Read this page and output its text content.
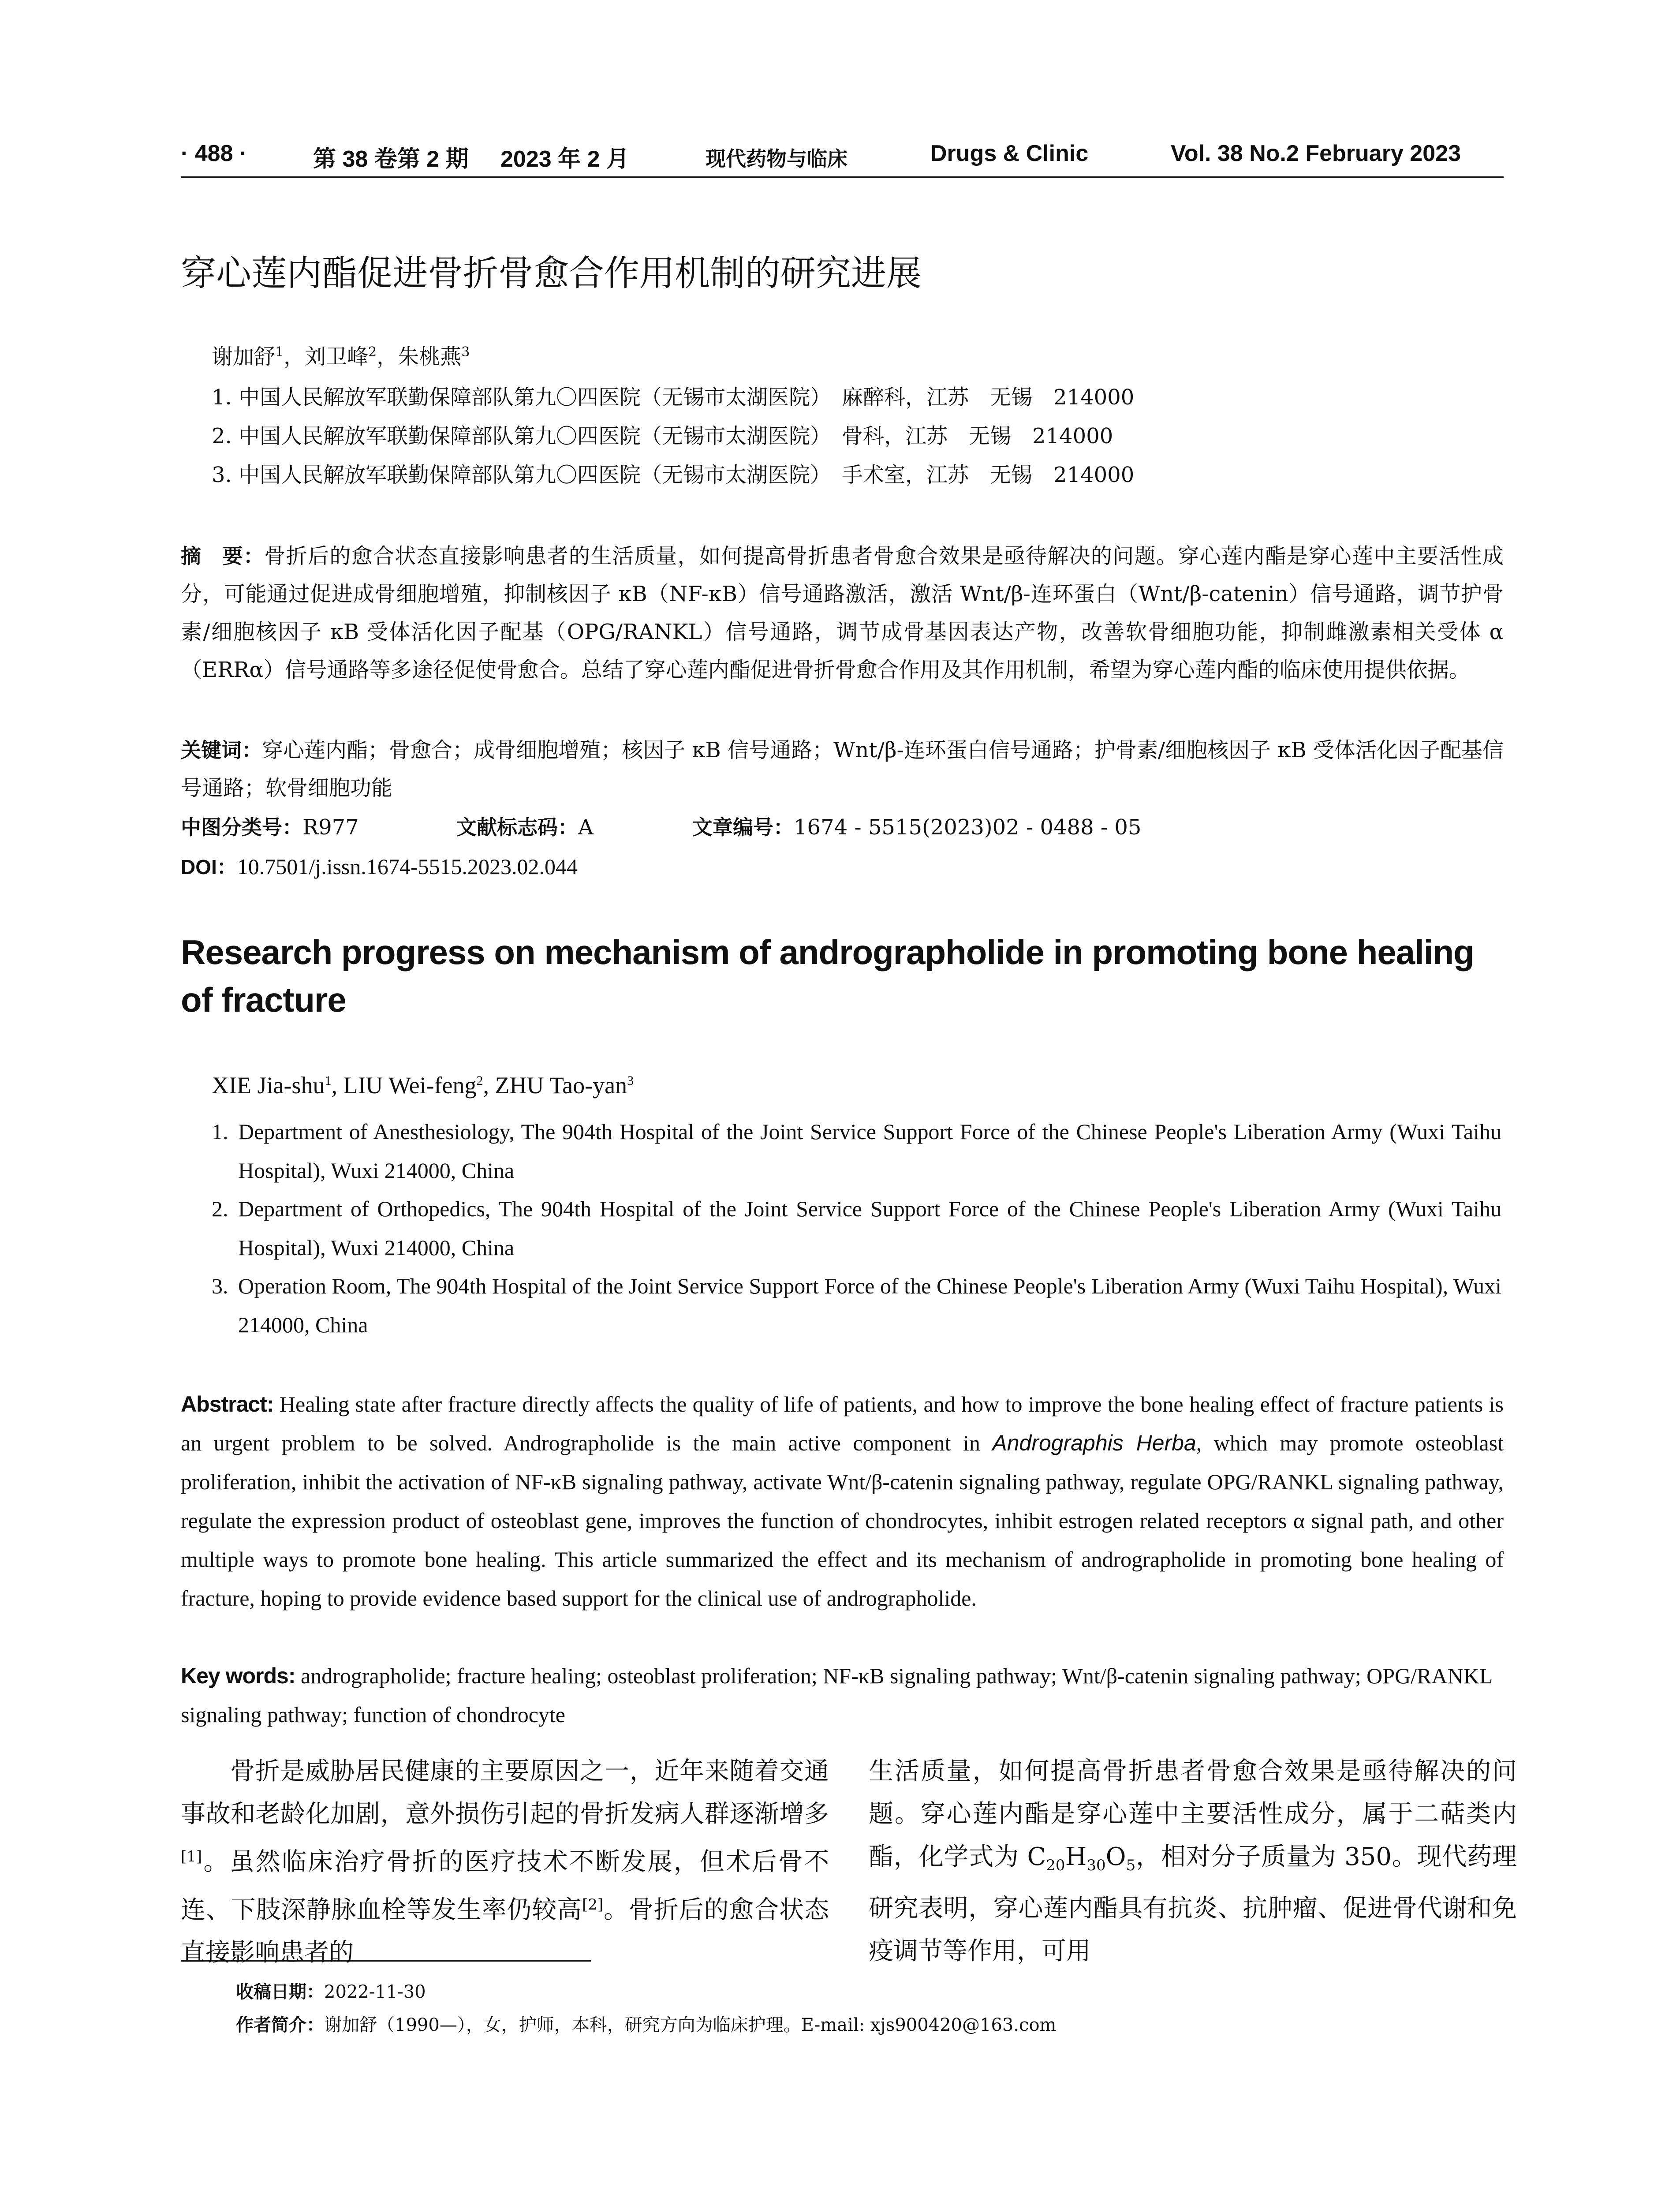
· 488 ·	第 38 卷第 2 期 2023 年 2 月	现代药物与临床	Drugs & Clinic	Vol. 38 No.2 February 2023
穿心莲内酯促进骨折骨愈合作用机制的研究进展
谢加舒$^1$，刘卫峰$^2$，朱桃燕$^3$
1. 中国人民解放军联勤保障部队第九〇四医院（无锡市太湖医院）　麻醉科，江苏　无锡　214000
2. 中国人民解放军联勤保障部队第九〇四医院（无锡市太湖医院）　骨科，江苏　无锡　214000
3. 中国人民解放军联勤保障部队第九〇四医院（无锡市太湖医院）　手术室，江苏　无锡　214000
摘　要：骨折后的愈合状态直接影响患者的生活质量，如何提高骨折患者骨愈合效果是亟待解决的问题。穿心莲内酯是穿心莲中主要活性成分，可能通过促进成骨细胞增殖，抑制核因子 κB（NF-κB）信号通路激活，激活 Wnt/β-连环蛋白（Wnt/β-catenin）信号通路，调节护骨素/细胞核因子 κB 受体活化因子配基（OPG/RANKL）信号通路，调节成骨基因表达产物，改善软骨细胞功能，抑制雌激素相关受体 α（ERRα）信号通路等多途径促使骨愈合。总结了穿心莲内酯促进骨折骨愈合作用及其作用机制，希望为穿心莲内酯的临床使用提供依据。
关键词：穿心莲内酯；骨愈合；成骨细胞增殖；核因子 κB 信号通路；Wnt/β-连环蛋白信号通路；护骨素/细胞核因子 κB 受体活化因子配基信号通路；软骨细胞功能
中图分类号：R977	文献标志码：A	文章编号：1674 - 5515(2023)02 - 0488 - 05
DOI：10.7501/j.issn.1674-5515.2023.02.044
Research progress on mechanism of andrographolide in promoting bone healing of fracture
XIE Jia-shu$^1$, LIU Wei-feng$^2$, ZHU Tao-yan$^3$
1. Department of Anesthesiology, The 904th Hospital of the Joint Service Support Force of the Chinese People's Liberation Army (Wuxi Taihu Hospital), Wuxi 214000, China
2. Department of Orthopedics, The 904th Hospital of the Joint Service Support Force of the Chinese People's Liberation Army (Wuxi Taihu Hospital), Wuxi 214000, China
3. Operation Room, The 904th Hospital of the Joint Service Support Force of the Chinese People's Liberation Army (Wuxi Taihu Hospital), Wuxi 214000, China
Abstract: Healing state after fracture directly affects the quality of life of patients, and how to improve the bone healing effect of fracture patients is an urgent problem to be solved. Andrographolide is the main active component in Andrographis Herba, which may promote osteoblast proliferation, inhibit the activation of NF-κB signaling pathway, activate Wnt/β-catenin signaling pathway, regulate OPG/RANKL signaling pathway, regulate the expression product of osteoblast gene, improves the function of chondrocytes, inhibit estrogen related receptors α signal path, and other multiple ways to promote bone healing. This article summarized the effect and its mechanism of andrographolide in promoting bone healing of fracture, hoping to provide evidence based support for the clinical use of andrographolide.
Key words: andrographolide; fracture healing; osteoblast proliferation; NF-κB signaling pathway; Wnt/β-catenin signaling pathway; OPG/RANKL signaling pathway; function of chondrocyte
骨折是威胁居民健康的主要原因之一，近年来随着交通事故和老龄化加剧，意外损伤引起的骨折发病人群逐渐增多[1]。虽然临床治疗骨折的医疗技术不断发展，但术后骨不连、下肢深静脉血栓等发生率仍较高[2]。骨折后的愈合状态直接影响患者的
生活质量，如何提高骨折患者骨愈合效果是亟待解决的问题。穿心莲内酯是穿心莲中主要活性成分，属于二萜类内酯，化学式为 $C_{20}H_{30}O_5$，相对分子质量为 350。现代药理研究表明，穿心莲内酯具有抗炎、抗肿瘤、促进骨代谢和免疫调节等作用，可用
收稿日期：2022-11-30
作者简介：谢加舒（1990—），女，护师，本科，研究方向为临床护理。E-mail: xjs900420@163.com
